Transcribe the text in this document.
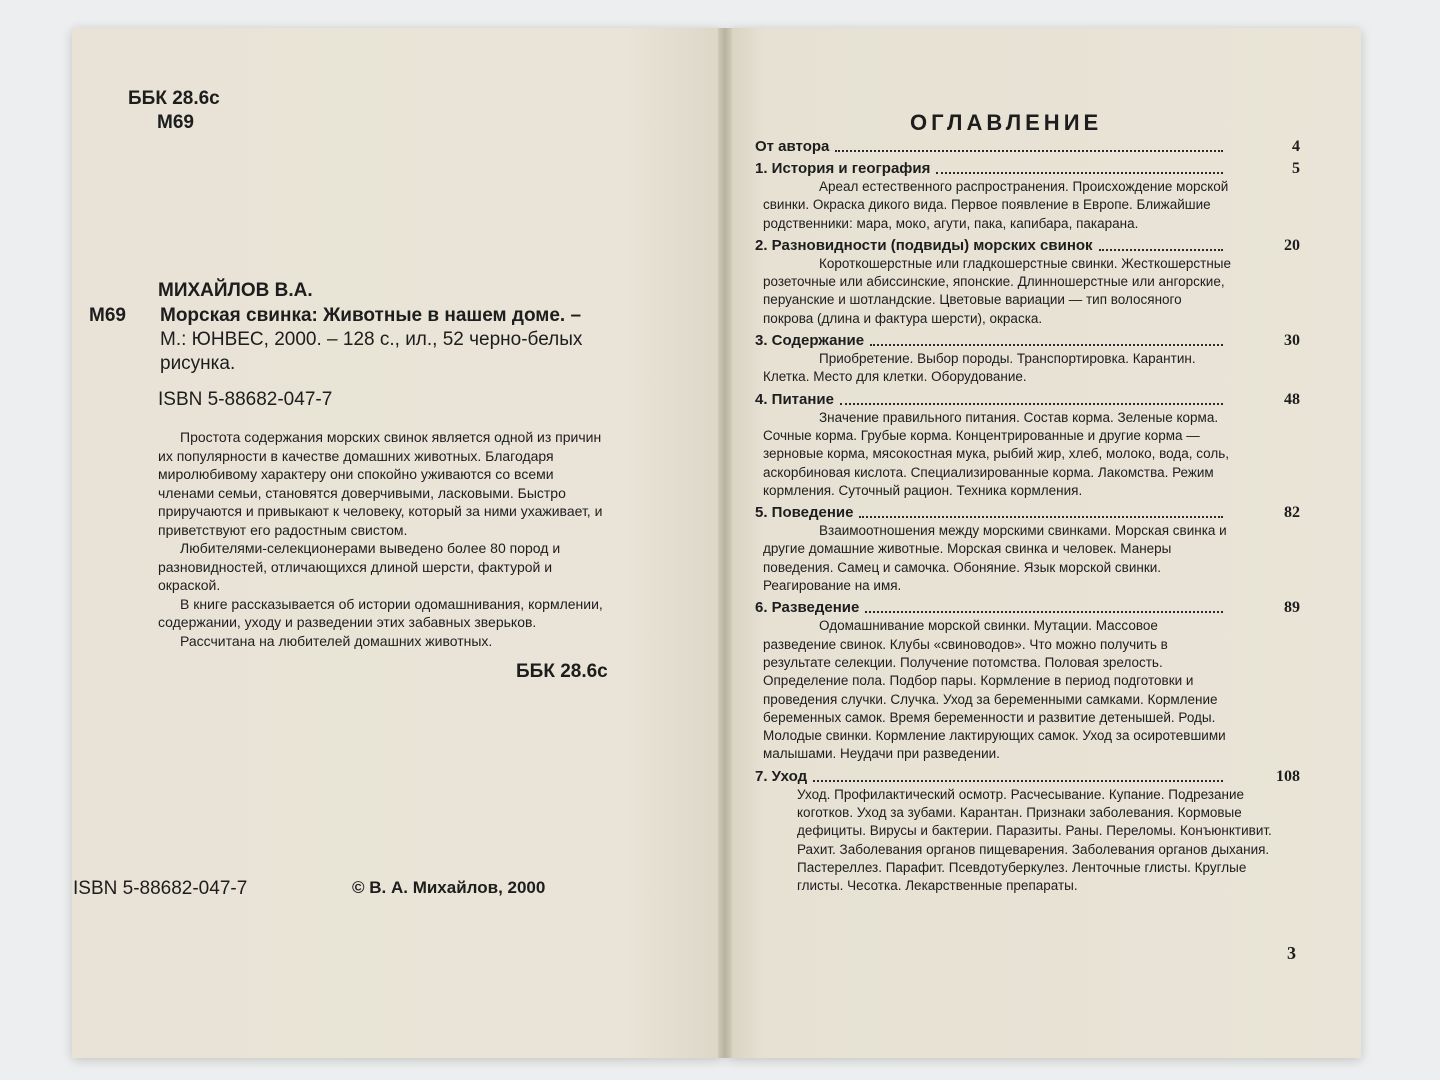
ББК 28.6с
М69
МИХАЙЛОВ В.А.
М69 Морская свинка: Животные в нашем доме. –
М.: ЮНВЕС, 2000. – 128 с., ил., 52 черно-белых
рисунка.
ISBN 5-88682-047-7

Простота содержания морских свинок является одной из причин их популярности в качестве домашних животных. Благодаря миролюбивому характеру они спокойно уживаются со всеми членами семьи, становятся доверчивыми, ласковыми. Быстро приручаются и привыкают к человеку, который за ними ухаживает, и приветствуют его радостным свистом.

Любителями-селекционерами выведено более 80 пород и разновидностей, отличающихся длиной шерсти, фактурой и окраской.

В книге рассказывается об истории одомашнивания, кормлении, содержании, уходу и разведении этих забавных зверьков.

Рассчитана на любителей домашних животных.

ББК 28.6с
ISBN 5-88682-047-7	© В. А. Михайлов, 2000
ОГЛАВЛЕНИЕ
От автора	4
1. История и география	5
Ареал естественного распространения. Происхождение морской свинки. Окраска дикого вида. Первое появление в Европе. Ближайшие родственники: мара, моко, агути, пака, капибара, пакарана.
2. Разновидности (подвиды) морских свинок	20
Короткошерстные или гладкошерстные свинки. Жесткошерстные розеточные или абиссинские, японские. Длинношерстные или ангорские, перуанские и шотландские. Цветовые вариации — тип волосяного покрова (длина и фактура шерсти), окраска.
3. Содержание	30
Приобретение. Выбор породы. Транспортировка. Карантин. Клетка. Место для клетки. Оборудование.
4. Питание	48
Значение правильного питания. Состав корма. Зеленые корма. Сочные корма. Грубые корма. Концентрированные и другие корма — зерновые корма, мясокостная мука, рыбий жир, хлеб, молоко, вода, соль, аскорбиновая кислота. Специализированные корма. Лакомства. Режим кормления. Суточный рацион. Техника кормления.
5. Поведение	82
Взаимоотношения между морскими свинками. Морская свинка и другие домашние животные. Морская свинка и человек. Манеры поведения. Самец и самочка. Обоняние. Язык морской свинки. Реагирование на имя.
6. Разведение	89
Одомашнивание морской свинки. Мутации. Массовое разведение свинок. Клубы «свиноводов». Что можно получить в результате селекции. Получение потомства. Половая зрелость. Определение пола. Подбор пары. Кормление в период подготовки и проведения случки. Случка. Уход за беременными самками. Кормление беременных самок. Время беременности и развитие детенышей. Роды. Молодые свинки. Кормление лактирующих самок. Уход за осиротевшими малышами. Неудачи при разведении.
7. Уход	108
Уход. Профилактический осмотр. Расчесывание. Купание. Подрезание коготков. Уход за зубами. Карантан. Признаки заболевания. Кормовые дефициты. Вирусы и бактерии. Паразиты. Раны. Переломы. Конъюнктивит. Рахит. Заболевания органов пищеварения. Заболевания органов дыхания. Пастереллез. Парафит. Псевдотуберкулез. Ленточные глисты. Круглые глисты. Чесотка. Лекарственные препараты.
3
